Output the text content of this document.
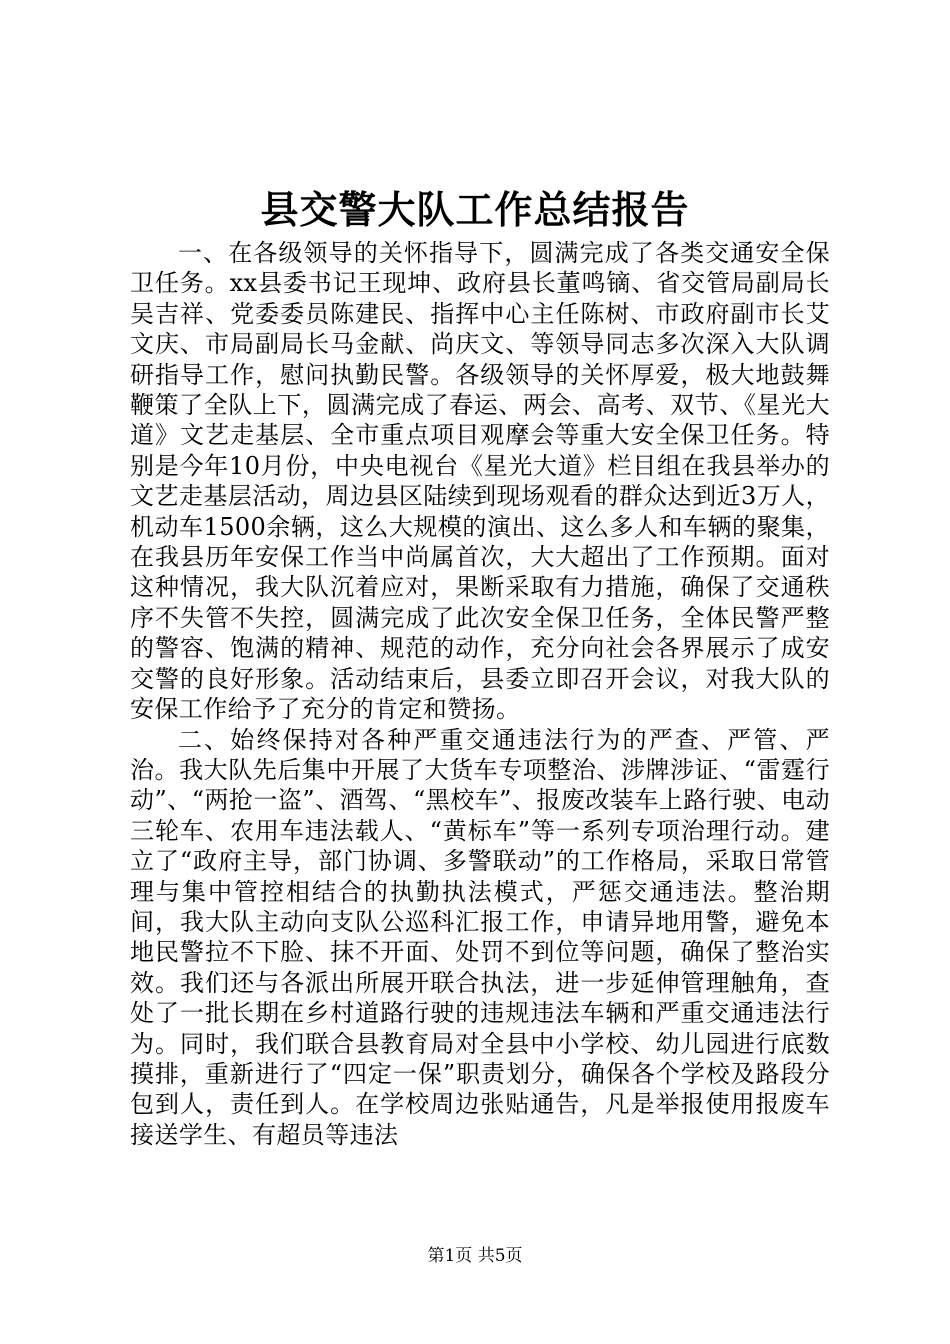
县交警大队工作总结报告

一、在各级领导的关怀指导下，圆满完成了各类交通安全保卫任务。xx县委书记王现坤、政府县长董鸣镝、省交管局副局长吴吉祥、党委委员陈建民、指挥中心主任陈树、市政府副市长艾文庆、市局副局长马金献、尚庆文、等领导同志多次深入大队调研指导工作，慰问执勤民警。各级领导的关怀厚爱，极大地鼓舞鞭策了全队上下，圆满完成了春运、两会、高考、双节、《星光大道》文艺走基层、全市重点项目观摩会等重大安全保卫任务。特别是今年10月份，中央电视台《星光大道》栏目组在我县举办的文艺走基层活动，周边县区陆续到现场观看的群众达到近3万人，机动车1500余辆，这么大规模的演出、这么多人和车辆的聚集，在我县历年安保工作当中尚属首次，大大超出了工作预期。面对这种情况，我大队沉着应对，果断采取有力措施，确保了交通秩序不失管不失控，圆满完成了此次安全保卫任务，全体民警严整的警容、饱满的精神、规范的动作，充分向社会各界展示了成安交警的良好形象。活动结束后，县委立即召开会议，对我大队的安保工作给予了充分的肯定和赞扬。

二、始终保持对各种严重交通违法行为的严查、严管、严治。我大队先后集中开展了大货车专项整治、涉牌涉证、“雷霆行动”、“两抢一盗”、酒驾、“黑校车”、报废改装车上路行驶、电动三轮车、农用车违法载人、“黄标车”等一系列专项治理行动。建立了“政府主导，部门协调、多警联动”的工作格局，采取日常管理与集中管控相结合的执勤执法模式，严惩交通违法。整治期间，我大队主动向支队公巡科汇报工作，申请异地用警，避免本地民警拉不下脸、抹不开面、处罚不到位等问题，确保了整治实效。我们还与各派出所展开联合执法，进一步延伸管理触角，查处了一批长期在乡村道路行驶的违规违法车辆和严重交通违法行为。同时，我们联合县教育局对全县中小学校、幼儿园进行底数摸排，重新进行了“四定一保”职责划分，确保各个学校及路段分包到人，责任到人。在学校周边张贴通告，凡是举报使用报废车接送学生、有超员等违法

第1页 共5页
